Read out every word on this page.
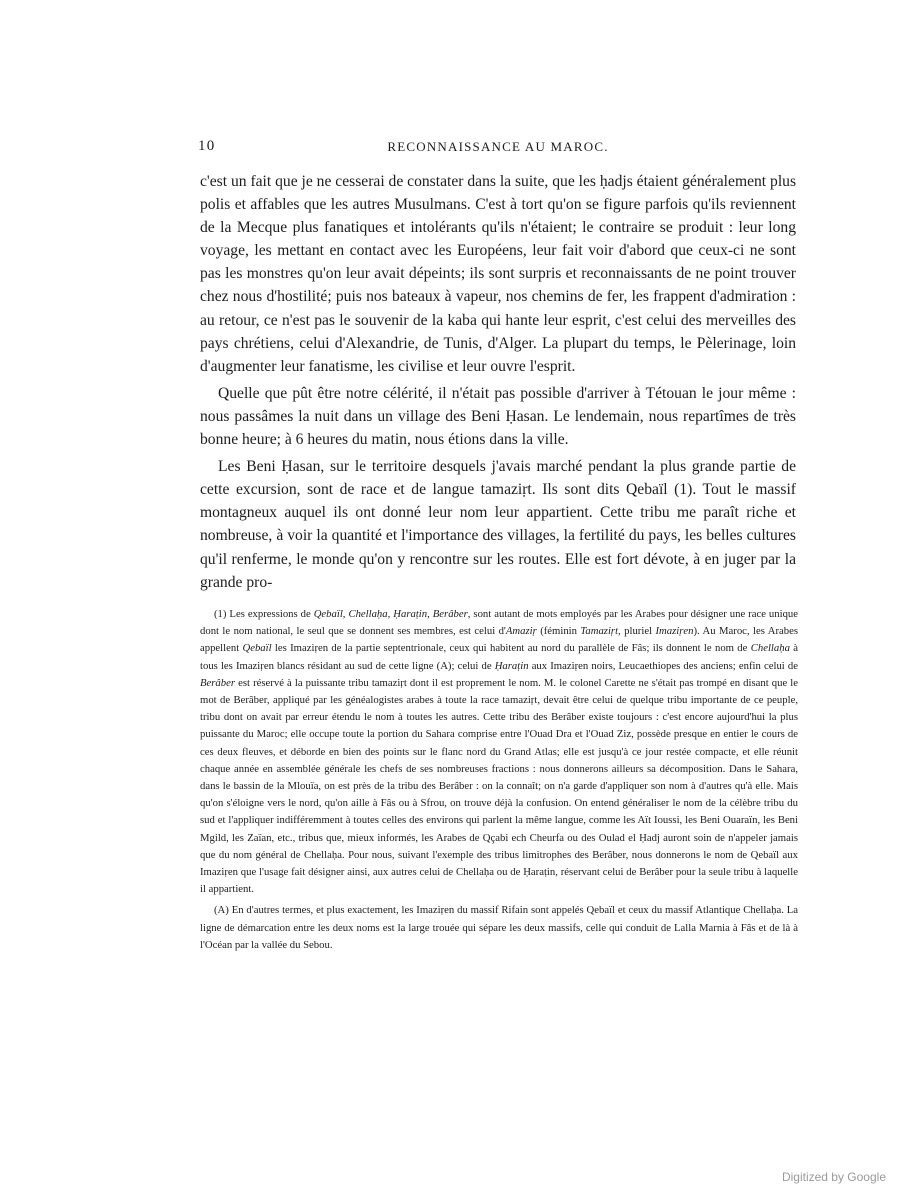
10	RECONNAISSANCE AU MAROC.

c'est un fait que je ne cesserai de constater dans la suite, que les ḥadjs étaient généralement plus polis et affables que les autres Musulmans. C'est à tort qu'on se figure parfois qu'ils reviennent de la Mecque plus fanatiques et intolérants qu'ils n'étaient; le contraire se produit : leur long voyage, les mettant en contact avec les Européens, leur fait voir d'abord que ceux-ci ne sont pas les monstres qu'on leur avait dépeints; ils sont surpris et reconnaissants de ne point trouver chez nous d'hostilité; puis nos bateaux à vapeur, nos chemins de fer, les frappent d'admiration : au retour, ce n'est pas le souvenir de la kaba qui hante leur esprit, c'est celui des merveilles des pays chrétiens, celui d'Alexandrie, de Tunis, d'Alger. La plupart du temps, le Pèlerinage, loin d'augmenter leur fanatisme, les civilise et leur ouvre l'esprit.

Quelle que pût être notre célérité, il n'était pas possible d'arriver à Tétouan le jour même : nous passâmes la nuit dans un village des Beni Ḥasan. Le lendemain, nous repartîmes de très bonne heure; à 6 heures du matin, nous étions dans la ville.

Les Beni Ḥasan, sur le territoire desquels j'avais marché pendant la plus grande partie de cette excursion, sont de race et de langue tamaziṛt. Ils sont dits Qebaïl (1). Tout le massif montagneux auquel ils ont donné leur nom leur appartient. Cette tribu me paraît riche et nombreuse, à voir la quantité et l'importance des villages, la fertilité du pays, les belles cultures qu'il renferme, le monde qu'on y rencontre sur les routes. Elle est fort dévote, à en juger par la grande pro-

(1) Les expressions de Qebaïl, Chellaḥa, Ḥaraṭin, Berâber, sont autant de mots employés par les Arabes pour désigner une race unique dont le nom national, le seul que se donnent ses membres, est celui d'Amaziṛ (féminin Tamaziṛt, pluriel Imaziṛen). Au Maroc, les Arabes appellent Qebaïl les Imaziṛen de la partie septentrionale, ceux qui habitent au nord du parallèle de Fâs; ils donnent le nom de Chellaḥa à tous les Imaziṛen blancs résidant au sud de cette ligne (A); celui de Ḥaraṭin aux Imaziṛen noirs, Leucaethiopes des anciens; enfin celui de Berâber est réservé à la puissante tribu tamaziṛt dont il est proprement le nom. M. le colonel Carette ne s'était pas trompé en disant que le mot de Berâber, appliqué par les généalogistes arabes à toute la race tamaziṛt, devait être celui de quelque tribu importante de ce peuple, tribu dont on avait par erreur étendu le nom à toutes les autres. Cette tribu des Berâber existe toujours : c'est encore aujourd'hui la plus puissante du Maroc; elle occupe toute la portion du Sahara comprise entre l'Ouad Dra et l'Ouad Ziz, possède presque en entier le cours de ces deux fleuves, et déborde en bien des points sur le flanc nord du Grand Atlas; elle est jusqu'à ce jour restée compacte, et elle réunit chaque année en assemblée générale les chefs de ses nombreuses fractions : nous donnerons ailleurs sa décomposition. Dans le Sahara, dans le bassin de la Mlouïa, on est près de la tribu des Berâber : on la connaît; on n'a garde d'appliquer son nom à d'autres qu'à elle. Mais qu'on s'éloigne vers le nord, qu'on aille à Fâs ou à Sfrou, on trouve déjà la confusion. On entend généraliser le nom de la célèbre tribu du sud et l'appliquer indifféremment à toutes celles des environs qui parlent la même langue, comme les Aït Ioussi, les Beni Ouaraïn, les Beni Mgild, les Zaïan, etc., tribus que, mieux informés, les Arabes de Qçabi ech Cheurfa ou des Oulad el Ḥadj auront soin de n'appeler jamais que du nom général de Chellaḥa. Pour nous, suivant l'exemple des tribus limitrophes des Berâber, nous donnerons le nom de Qebaïl aux Imaziṛen que l'usage fait désigner ainsi, aux autres celui de Chellaḥa ou de Ḥaraṭin, réservant celui de Berâber pour la seule tribu à laquelle il appartient.

(A) En d'autres termes, et plus exactement, les Imaziṛen du massif Rifain sont appelés Qebaïl et ceux du massif Atlantique Chellaḥa. La ligne de démarcation entre les deux noms est la large trouée qui sépare les deux massifs, celle qui conduit de Lalla Marnia à Fâs et de là à l'Océan par la vallée du Sebou.

Digitized by Google
